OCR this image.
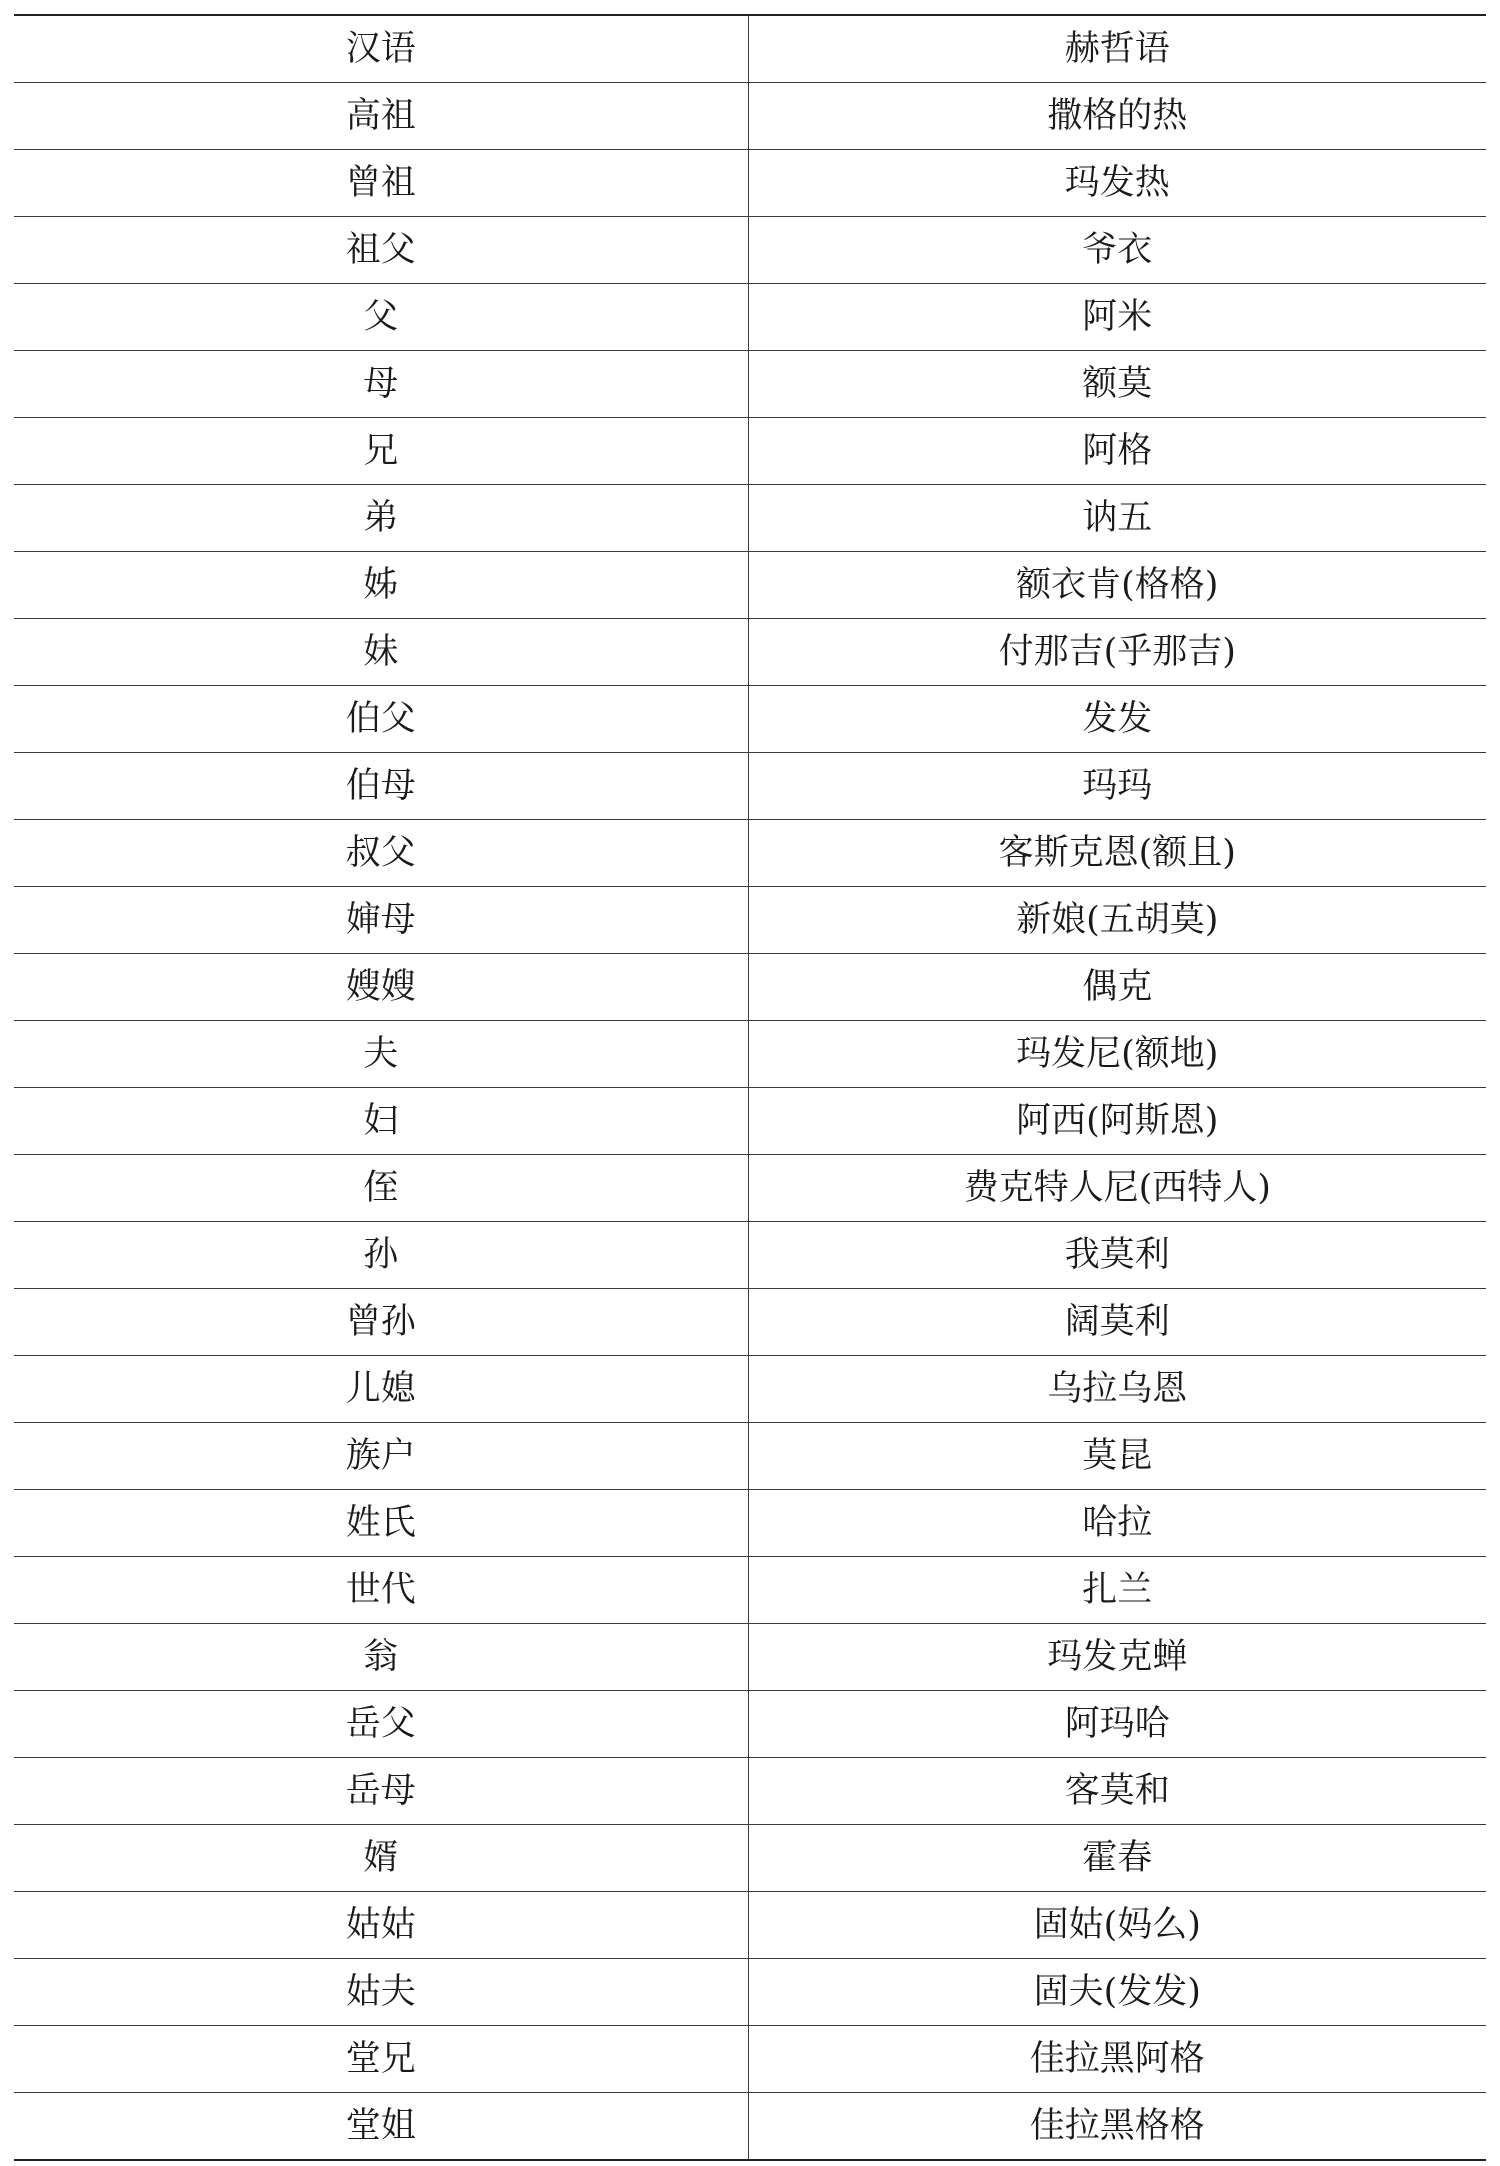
汉语	赫哲语
高祖	撒格的热
曾祖	玛发热
祖父	爷衣
父	阿米
母	额莫
兄	阿格
弟	讷五
姊	额衣肯(格格)
妹	付那吉(乎那吉)
伯父	发发
伯母	玛玛
叔父	客斯克恩(额且)
婶母	新娘(五胡莫)
嫂嫂	偶克
夫	玛发尼(额地)
妇	阿西(阿斯恩)
侄	费克特人尼(西特人)
孙	我莫利
曾孙	阔莫利
儿媳	乌拉乌恩
族户	莫昆
姓氏	哈拉
世代	扎兰
翁	玛发克蝉
岳父	阿玛哈
岳母	客莫和
婿	霍春
姑姑	固姑(妈么)
姑夫	固夫(发发)
堂兄	佳拉黑阿格
堂姐	佳拉黑格格
